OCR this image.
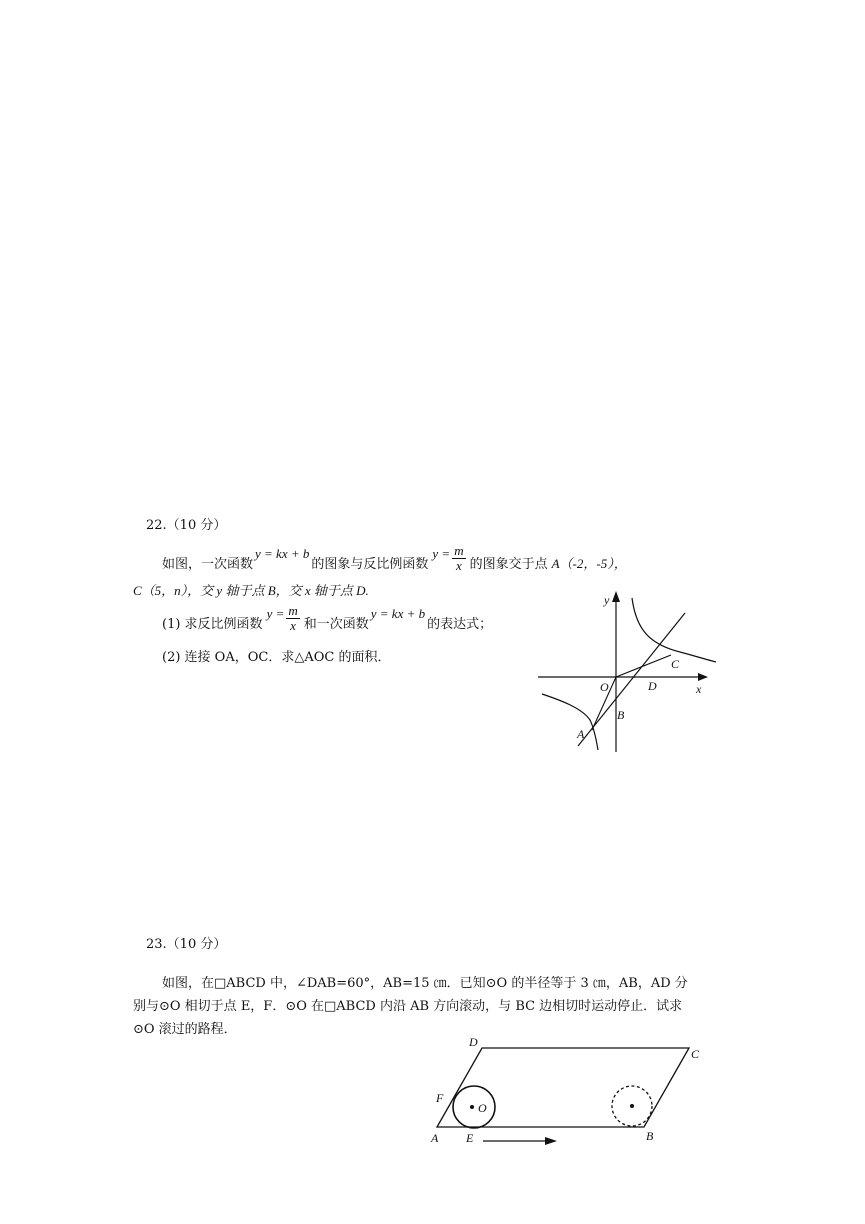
22.（10 分）
如图，一次函数
y = kx + b
的图象与反比例函数
$y = \frac{m}{x}$ 的图象交于点 A（-2，-5），
C（5，n），交 y 轴于点 B，交 x 轴于点 D.
(1) 求反比例函数
$y = \frac{m}{x}$ 和一次函数
y = kx + b
的表达式；
(2) 连接 OA，OC．求△AOC 的面积．
y
x
O	D
C
B
A
23.（10 分）
如图，在□ABCD 中，∠DAB=60°，AB=15 ㎝．已知⊙O 的半径等于 3 ㎝，AB，AD 分
别与⊙O 相切于点 E，F．⊙O 在□ABCD 内沿 AB 方向滚动，与 BC 边相切时运动停止．试求
⊙O 滚过的路程．
D
C
F
O
A E	B
